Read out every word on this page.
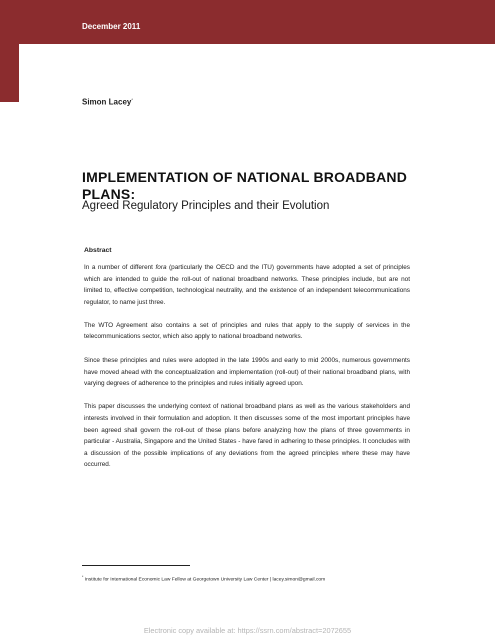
December 2011
Simon Lacey*
IMPLEMENTATION OF NATIONAL BROADBAND PLANS:
Agreed Regulatory Principles and their Evolution
Abstract

In a number of different fora (particularly the OECD and the ITU) governments have adopted a set of principles which are intended to guide the roll-out of national broadband networks. These principles include, but are not limited to, effective competition, technological neutrality, and the existence of an independent telecommunications regulator, to name just three.

The WTO Agreement also contains a set of principles and rules that apply to the supply of services in the telecommunications sector, which also apply to national broadband networks.

Since these principles and rules were adopted in the late 1990s and early to mid 2000s, numerous governments have moved ahead with the conceptualization and implementation (roll-out) of their national broadband plans, with varying degrees of adherence to the principles and rules initially agreed upon.

This paper discusses the underlying context of national broadband plans as well as the various stakeholders and interests involved in their formulation and adoption. It then discusses some of the most important principles have been agreed shall govern the roll-out of these plans before analyzing how the plans of three governments in particular - Australia, Singapore and the United States - have fared in adhering to these principles. It concludes with a discussion of the possible implications of any deviations from the agreed principles where these may have occurred.

* Institute for International Economic Law Fellow at Georgetown University Law Center | lacey.simon@gmail.com
Electronic copy available at: https://ssrn.com/abstract=2072655
